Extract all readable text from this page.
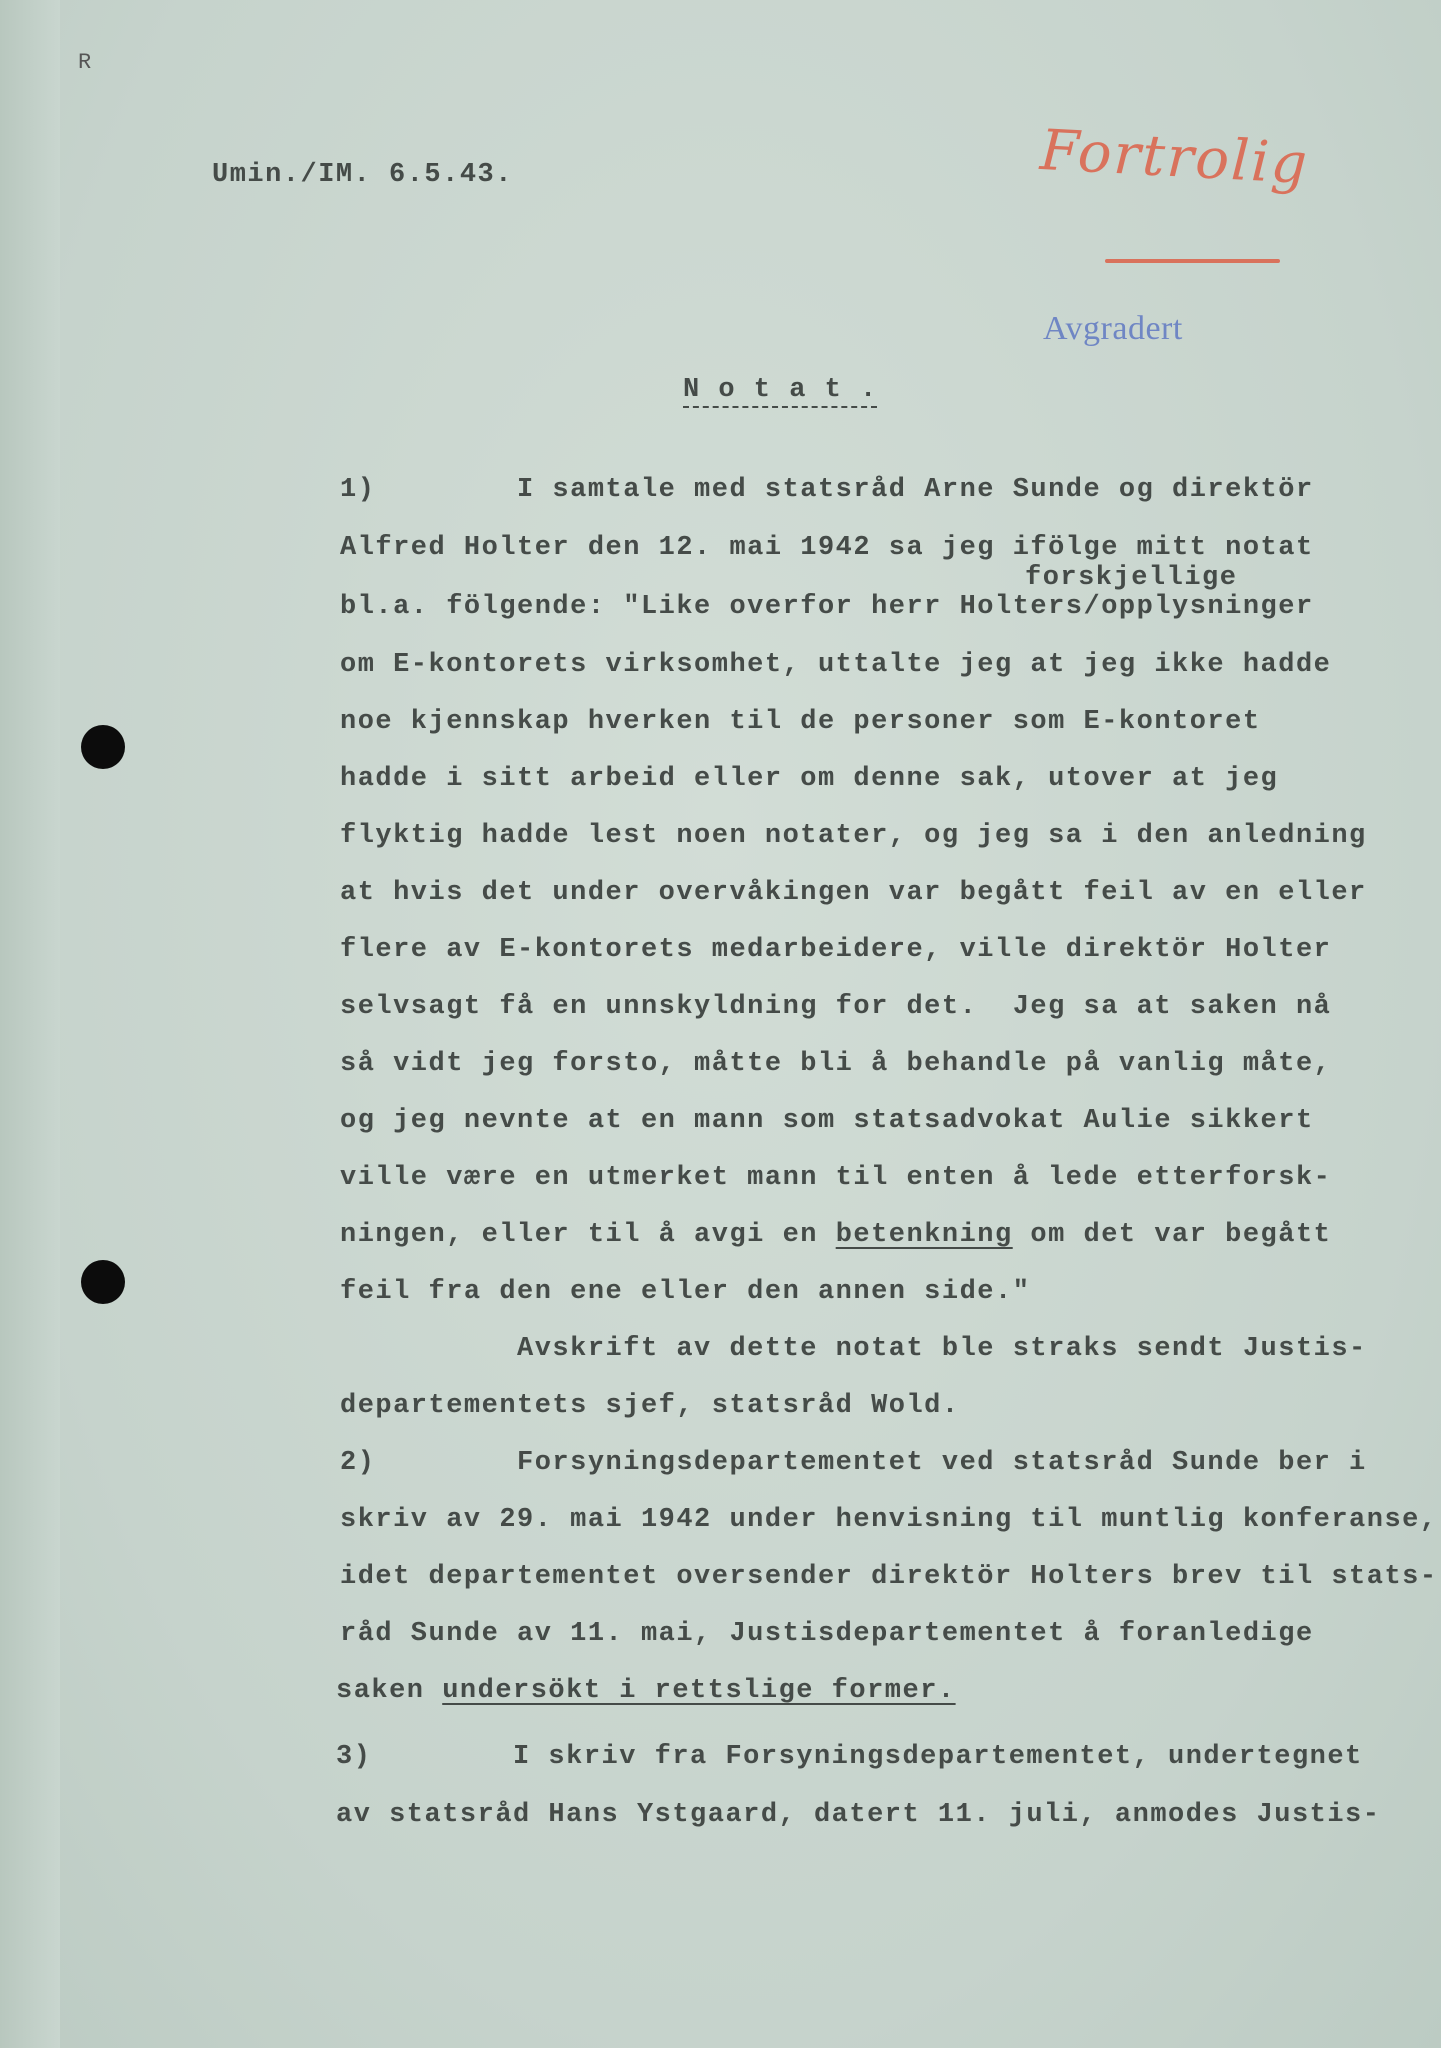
R
Umin./IM. 6.5.43.	Fortrolig
Avgradert
N o t a t .
1)        I samtale med statsråd Arne Sunde og direktör
Alfred Holter den 12. mai 1942 sa jeg ifölge mitt notat
forskjellige
bl.a. fölgende: "Like overfor herr Holters/opplysninger
om E-kontorets virksomhet, uttalte jeg at jeg ikke hadde
noe kjennskap hverken til de personer som E-kontoret
hadde i sitt arbeid eller om denne sak, utover at jeg
flyktig hadde lest noen notater, og jeg sa i den anledning
at hvis det under overvåkingen var begått feil av en eller
flere av E-kontorets medarbeidere, ville direktör Holter
selvsagt få en unnskyldning for det.  Jeg sa at saken nå
så vidt jeg forsto, måtte bli å behandle på vanlig måte,
og jeg nevnte at en mann som statsadvokat Aulie sikkert
ville være en utmerket mann til enten å lede etterforsk-
ningen, eller til å avgi en betenkning om det var begått
feil fra den ene eller den annen side."
Avskrift av dette notat ble straks sendt Justis-
departementets sjef, statsråd Wold.
2)        Forsyningsdepartementet ved statsråd Sunde ber i
skriv av 29. mai 1942 under henvisning til muntlig konferanse,
idet departementet oversender direktör Holters brev til stats-
råd Sunde av 11. mai, Justisdepartementet å foranledige
saken undersökt i rettslige former.
3)        I skriv fra Forsyningsdepartementet, undertegnet
av statsråd Hans Ystgaard, datert 11. juli, anmodes Justis-
